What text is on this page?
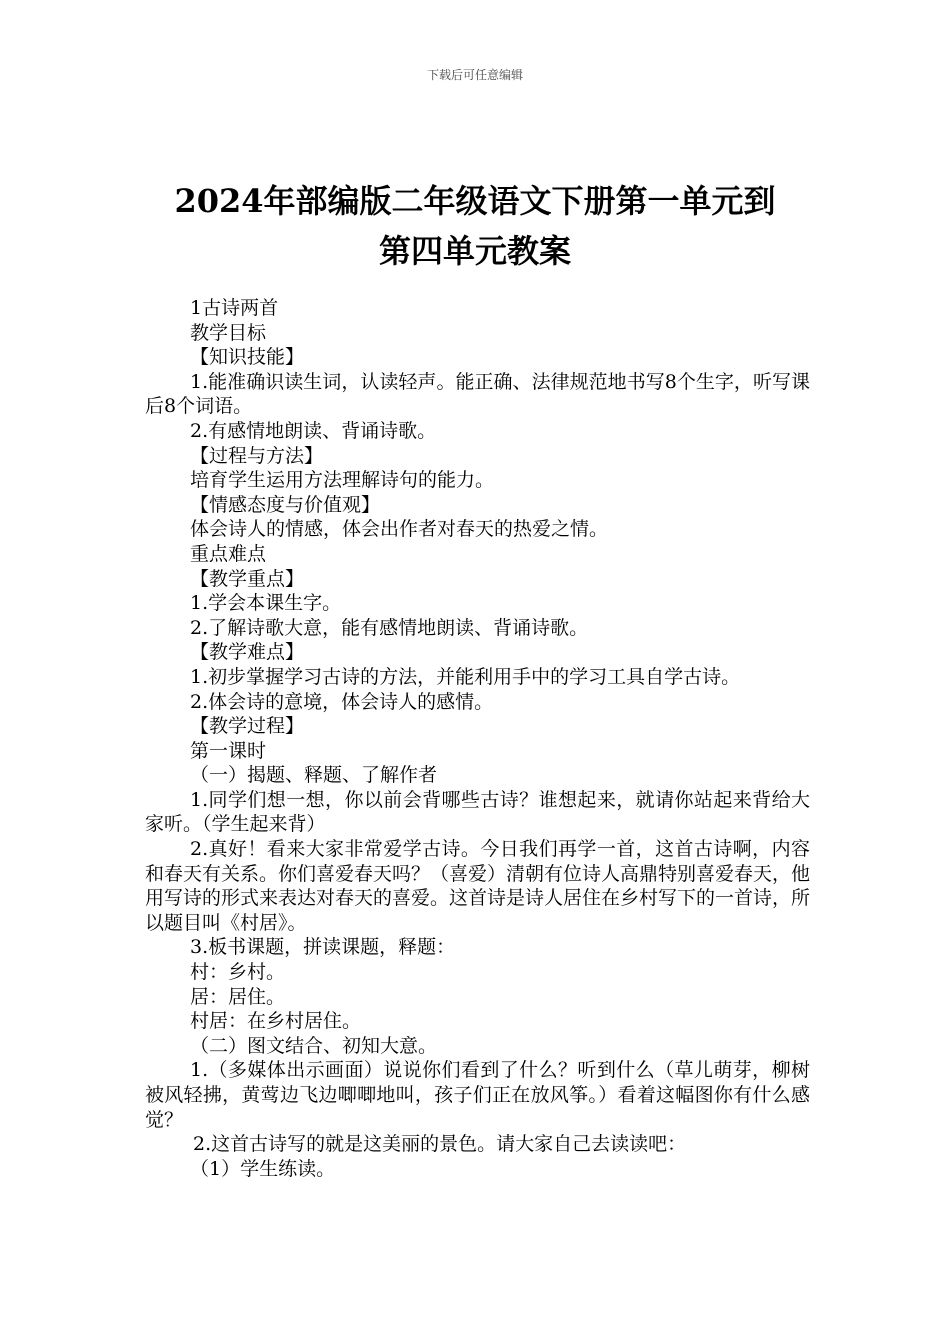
下载后可任意编辑
2024年部编版二年级语文下册第一单元到
第四单元教案

1古诗两首

教学目标

【知识技能】

1.能准确识读生词，认读轻声。能正确、法律规范地书写8个生字，听写课后8个词语。

2.有感情地朗读、背诵诗歌。

【过程与方法】

培育学生运用方法理解诗句的能力。

【情感态度与价值观】

体会诗人的情感，体会出作者对春天的热爱之情。

重点难点

【教学重点】

1.学会本课生字。

2.了解诗歌大意，能有感情地朗读、背诵诗歌。

【教学难点】

1.初步掌握学习古诗的方法，并能利用手中的学习工具自学古诗。

2.体会诗的意境，体会诗人的感情。

【教学过程】

第一课时

（一）揭题、释题、了解作者

1.同学们想一想，你以前会背哪些古诗？谁想起来，就请你站起来背给大家听。（学生起来背）

2.真好！看来大家非常爱学古诗。今日我们再学一首，这首古诗啊，内容和春天有关系。你们喜爱春天吗？（喜爱）清朝有位诗人高鼎特别喜爱春天，他用写诗的形式来表达对春天的喜爱。这首诗是诗人居住在乡村写下的一首诗，所以题目叫《村居》。

3.板书课题，拼读课题，释题：

村：乡村。

居：居住。

村居：在乡村居住。

（二）图文结合、初知大意。

1.（多媒体出示画面）说说你们看到了什么？听到什么（草儿萌芽，柳树被风轻拂，黄莺边飞边唧唧地叫，孩子们正在放风筝。）看着这幅图你有什么感觉？

2.这首古诗写的就是这美丽的景色。请大家自己去读读吧：

（1）学生练读。
